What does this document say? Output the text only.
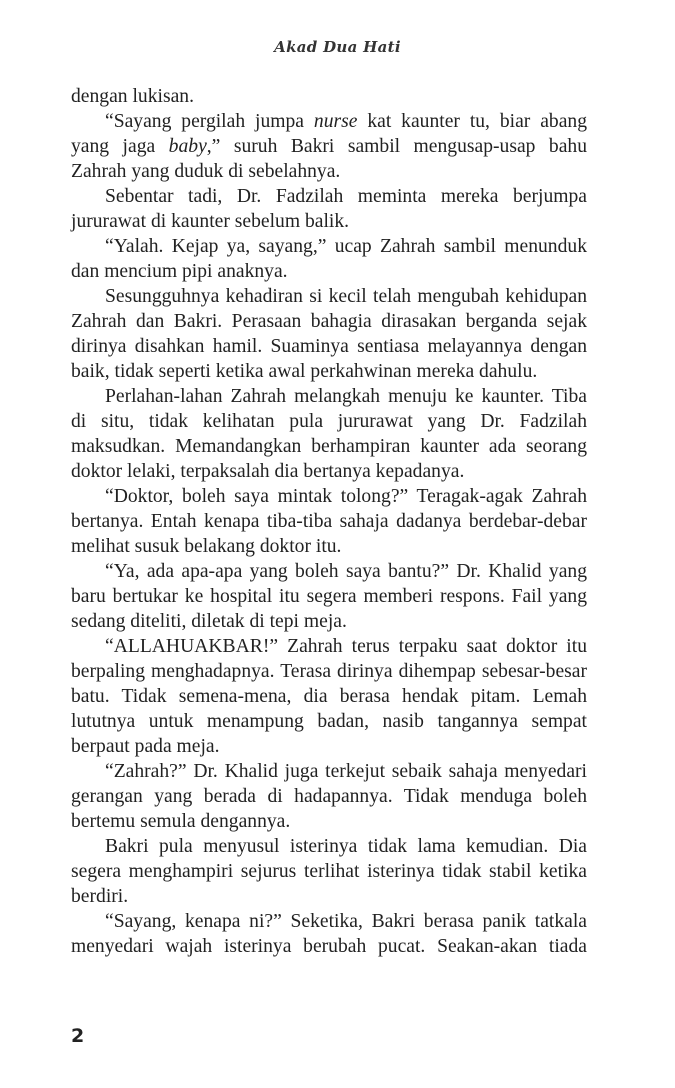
Akad Dua Hati

dengan lukisan.

“Sayang pergilah jumpa nurse kat kaunter tu, biar abang yang jaga baby,” suruh Bakri sambil mengusap-usap bahu Zahrah yang duduk di sebelahnya.

Sebentar tadi, Dr. Fadzilah meminta mereka berjumpa jururawat di kaunter sebelum balik.

“Yalah. Kejap ya, sayang,” ucap Zahrah sambil menunduk dan mencium pipi anaknya.

Sesungguhnya kehadiran si kecil telah mengubah kehidupan Zahrah dan Bakri. Perasaan bahagia dirasakan berganda sejak dirinya disahkan hamil. Suaminya sentiasa melayannya dengan baik, tidak seperti ketika awal perkahwinan mereka dahulu.

Perlahan-lahan Zahrah melangkah menuju ke kaunter. Tiba di situ, tidak kelihatan pula jururawat yang Dr. Fadzilah maksudkan. Memandangkan berhampiran kaunter ada seorang doktor lelaki, terpaksalah dia bertanya kepadanya.

“Doktor, boleh saya mintak tolong?” Teragak-agak Zahrah bertanya. Entah kenapa tiba-tiba sahaja dadanya berdebar-debar melihat susuk belakang doktor itu.

“Ya, ada apa-apa yang boleh saya bantu?” Dr. Khalid yang baru bertukar ke hospital itu segera memberi respons. Fail yang sedang diteliti, diletak di tepi meja.

“ALLAHUAKBAR!” Zahrah terus terpaku saat doktor itu berpaling menghadapnya. Terasa dirinya dihempap sebesar-besar batu. Tidak semena-mena, dia berasa hendak pitam. Lemah lututnya untuk menampung badan, nasib tangannya sempat berpaut pada meja.

“Zahrah?” Dr. Khalid juga terkejut sebaik sahaja menyedari gerangan yang berada di hadapannya. Tidak menduga boleh bertemu semula dengannya.

Bakri pula menyusul isterinya tidak lama kemudian. Dia segera menghampiri sejurus terlihat isterinya tidak stabil ketika berdiri.

“Sayang, kenapa ni?” Seketika, Bakri berasa panik tatkala menyedari wajah isterinya berubah pucat. Seakan-akan tiada

2
